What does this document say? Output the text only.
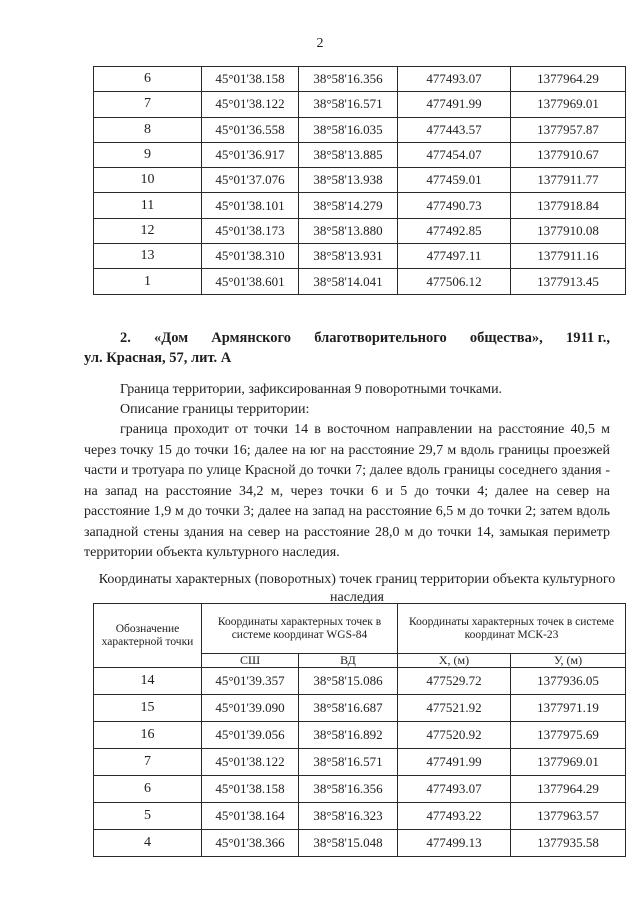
2
6	45°01'38.158	38°58'16.356	477493.07	1377964.29
7	45°01'38.122	38°58'16.571	477491.99	1377969.01
8	45°01'36.558	38°58'16.035	477443.57	1377957.87
9	45°01'36.917	38°58'13.885	477454.07	1377910.67
10	45°01'37.076	38°58'13.938	477459.01	1377911.77
11	45°01'38.101	38°58'14.279	477490.73	1377918.84
12	45°01'38.173	38°58'13.880	477492.85	1377910.08
13	45°01'38.310	38°58'13.931	477497.11	1377911.16
1	45°01'38.601	38°58'14.041	477506.12	1377913.45
2. «Дом Армянского благотворительного общества», 1911 г.,
ул. Красная, 57, лит. А
Граница территории, зафиксированная 9 поворотными точками.
Описание границы территории:
граница проходит от точки 14 в восточном направлении на расстояние 40,5 м через точку 15 до точки 16; далее на юг на расстояние 29,7 м вдоль границы проезжей части и тротуара по улице Красной до точки 7; далее вдоль границы соседнего здания - на запад на расстояние 34,2 м, через точки 6 и 5 до точки 4; далее на север на расстояние 1,9 м до точки 3; далее на запад на расстояние 6,5 м до точки 2; затем вдоль западной стены здания на север на расстояние 28,0 м до точки 14, замыкая периметр территории объекта культурного наследия.
Координаты характерных (поворотных) точек границ территории объекта культурного наследия
Обозначение характерной точки	Координаты характерных точек в системе координат WGS-84		Координаты характерных точек в системе координат МСК-23	
	СШ	ВД	X, (м)	У, (м)
14	45°01'39.357	38°58'15.086	477529.72	1377936.05
15	45°01'39.090	38°58'16.687	477521.92	1377971.19
16	45°01'39.056	38°58'16.892	477520.92	1377975.69
7	45°01'38.122	38°58'16.571	477491.99	1377969.01
6	45°01'38.158	38°58'16.356	477493.07	1377964.29
5	45°01'38.164	38°58'16.323	477493.22	1377963.57
4	45°01'38.366	38°58'15.048	477499.13	1377935.58
